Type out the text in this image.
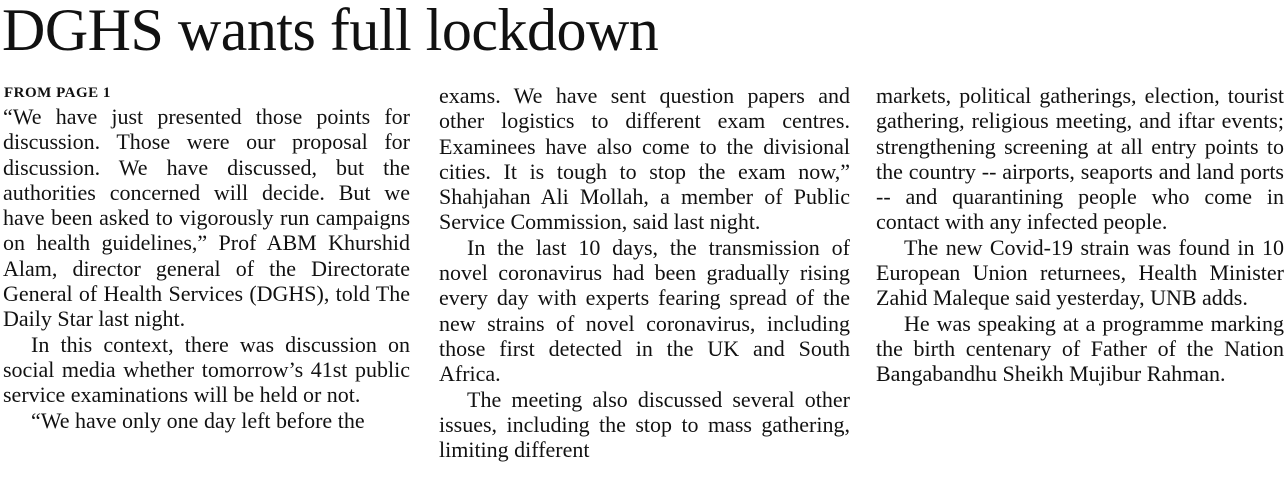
DGHS wants full lockdown
FROM PAGE 1

“We have just presented those points for discussion. Those were our proposal for discussion. We have discussed, but the authorities concerned will decide. But we have been asked to vigorously run campaigns on health guidelines,” Prof ABM Khurshid Alam, director general of the Directorate General of Health Services (DGHS), told The Daily Star last night.

In this context, there was discussion on social media whether tomorrow’s 41st public service examinations will be held or not.

“We have only one day left before the

exams. We have sent question papers and other logistics to different exam centres. Examinees have also come to the divisional cities. It is tough to stop the exam now,” Shahjahan Ali Mollah, a member of Public Service Commission, said last night.

In the last 10 days, the transmission of novel coronavirus had been gradually rising every day with experts fearing spread of the new strains of novel coronavirus, including those first detected in the UK and South Africa.

The meeting also discussed several other issues, including the stop to mass gathering, limiting different

markets, political gatherings, election, tourist gathering, religious meeting, and iftar events; strengthening screening at all entry points to the country -- airports, seaports and land ports -- and quarantining people who come in contact with any infected people.

The new Covid-19 strain was found in 10 European Union returnees, Health Minister Zahid Maleque said yesterday, UNB adds.

He was speaking at a programme marking the birth centenary of Father of the Nation Bangabandhu Sheikh Mujibur Rahman.
